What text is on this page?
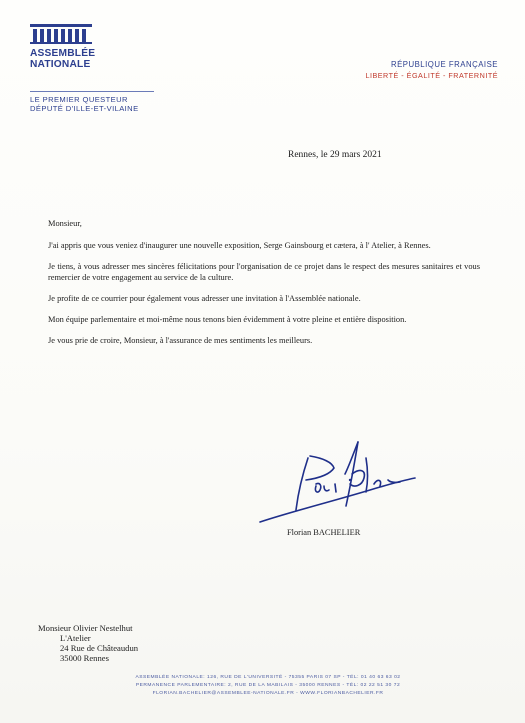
ASSEMBLÉE
NATIONALE
LE PREMIER QUESTEUR
DÉPUTÉ D'ILLE-ET-VILAINE
RÉPUBLIQUE FRANÇAISE
LIBERTÉ - ÉGALITÉ - FRATERNITÉ
Rennes, le 29 mars 2021

Monsieur,

J'ai appris que vous veniez d'inaugurer une nouvelle exposition, Serge Gainsbourg et cætera, à l' Atelier, à Rennes.

Je tiens, à vous adresser mes sincères félicitations pour l'organisation de ce projet dans le respect des mesures sanitaires et vous remercier de votre engagement au service de la culture.

Je profite de ce courrier pour également vous adresser une invitation à l'Assemblée nationale.

Mon équipe parlementaire et moi-même nous tenons bien évidemment à votre pleine et entière disposition.

Je vous prie de croire, Monsieur, à l'assurance de mes sentiments les meilleurs.

Florian BACHELIER
Monsieur Olivier Nestelhut
L'Atelier
24 Rue de Châteaudun
35000 Rennes
ASSEMBLÉE NATIONALE: 126, RUE DE L'UNIVERSITÉ - 75355 PARIS 07 SP - TÉL: 01 40 63 63 02
PERMANENCE PARLEMENTAIRE: 2, RUE DE LA MABILAIS - 35000 RENNES - TÉL: 02 22 51 30 72
FLORIAN.BACHELIER@ASSEMBLEE-NATIONALE.FR - WWW.FLORIANBACHELIER.FR
